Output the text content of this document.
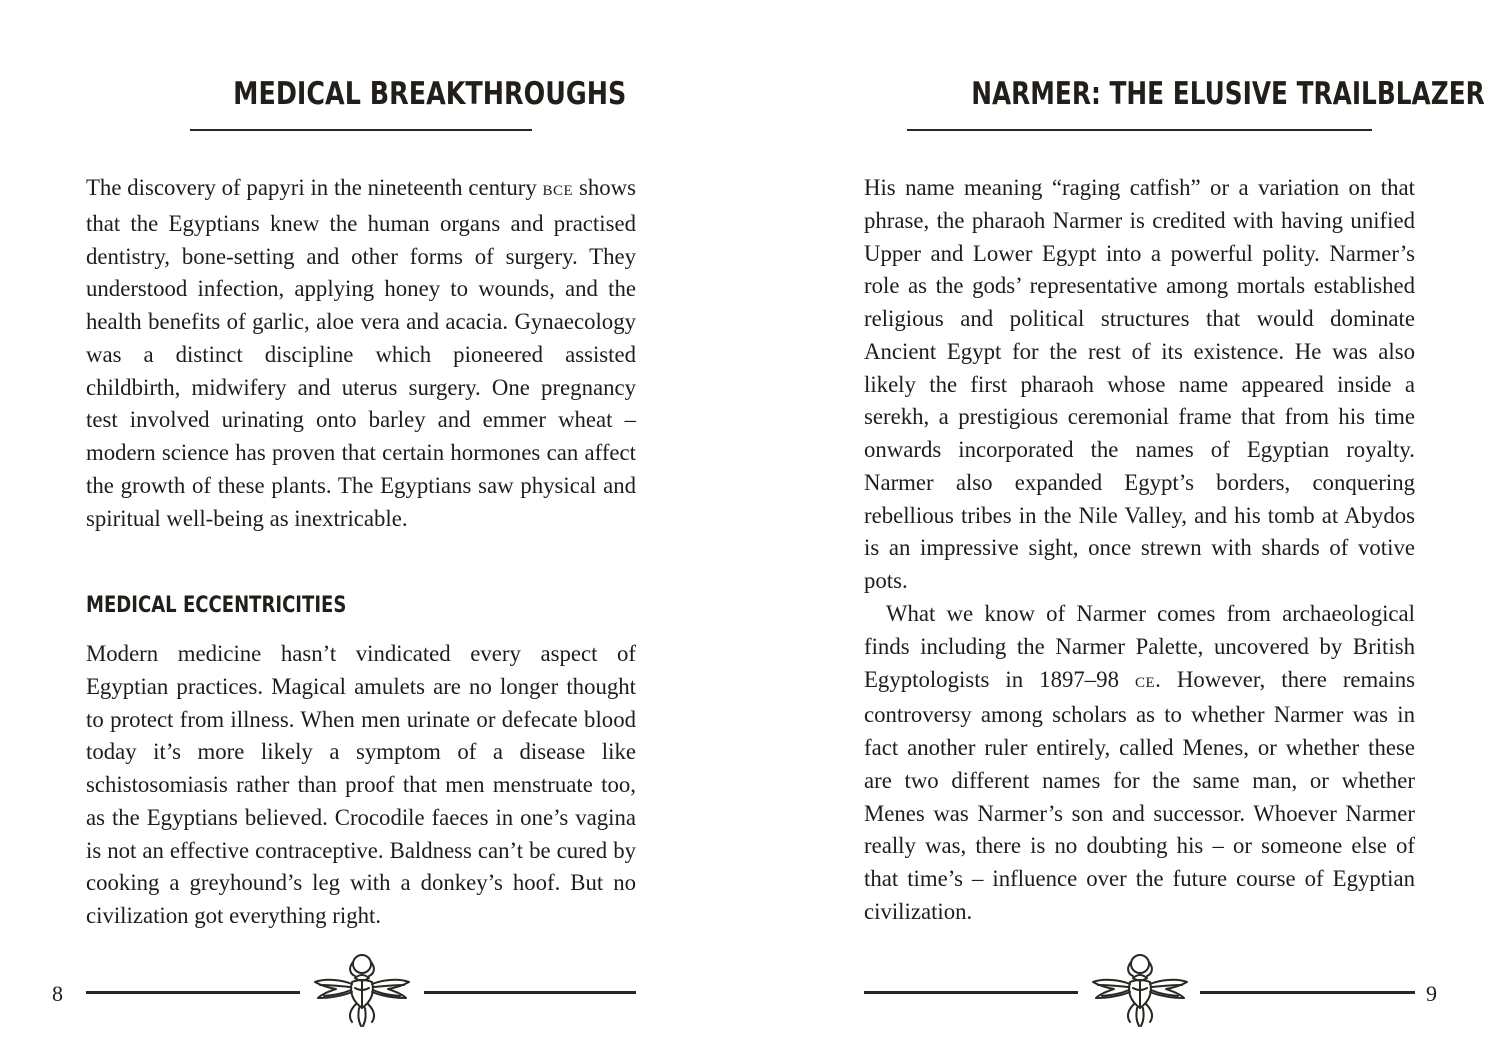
MEDICAL BREAKTHROUGHS

The discovery of papyri in the nineteenth century BCE shows that the Egyptians knew the human organs and practised dentistry, bone-setting and other forms of surgery. They understood infection, applying honey to wounds, and the health benefits of garlic, aloe vera and acacia. Gynaecology was a distinct discipline which pioneered assisted childbirth, midwifery and uterus surgery. One pregnancy test involved urinating onto barley and emmer wheat – modern science has proven that certain hormones can affect the growth of these plants. The Egyptians saw physical and spiritual well-being as inextricable.

MEDICAL ECCENTRICITIES

Modern medicine hasn’t vindicated every aspect of Egyptian practices. Magical amulets are no longer thought to protect from illness. When men urinate or defecate blood today it’s more likely a symptom of a disease like schistosomiasis rather than proof that men menstruate too, as the Egyptians believed. Crocodile faeces in one’s vagina is not an effective contraceptive. Baldness can’t be cured by cooking a greyhound’s leg with a donkey’s hoof. But no civilization got everything right.

8
NARMER: THE ELUSIVE TRAILBLAZER

His name meaning “raging catfish” or a variation on that phrase, the pharaoh Narmer is credited with having unified Upper and Lower Egypt into a powerful polity. Narmer’s role as the gods’ representative among mortals established religious and political structures that would dominate Ancient Egypt for the rest of its existence. He was also likely the first pharaoh whose name appeared inside a serekh, a prestigious ceremonial frame that from his time onwards incorporated the names of Egyptian royalty. Narmer also expanded Egypt’s borders, conquering rebellious tribes in the Nile Valley, and his tomb at Abydos is an impressive sight, once strewn with shards of votive pots.

What we know of Narmer comes from archaeological finds including the Narmer Palette, uncovered by British Egyptologists in 1897–98 CE. However, there remains controversy among scholars as to whether Narmer was in fact another ruler entirely, called Menes, or whether these are two different names for the same man, or whether Menes was Narmer’s son and successor. Whoever Narmer really was, there is no doubting his – or someone else of that time’s – influence over the future course of Egyptian civilization.

9
